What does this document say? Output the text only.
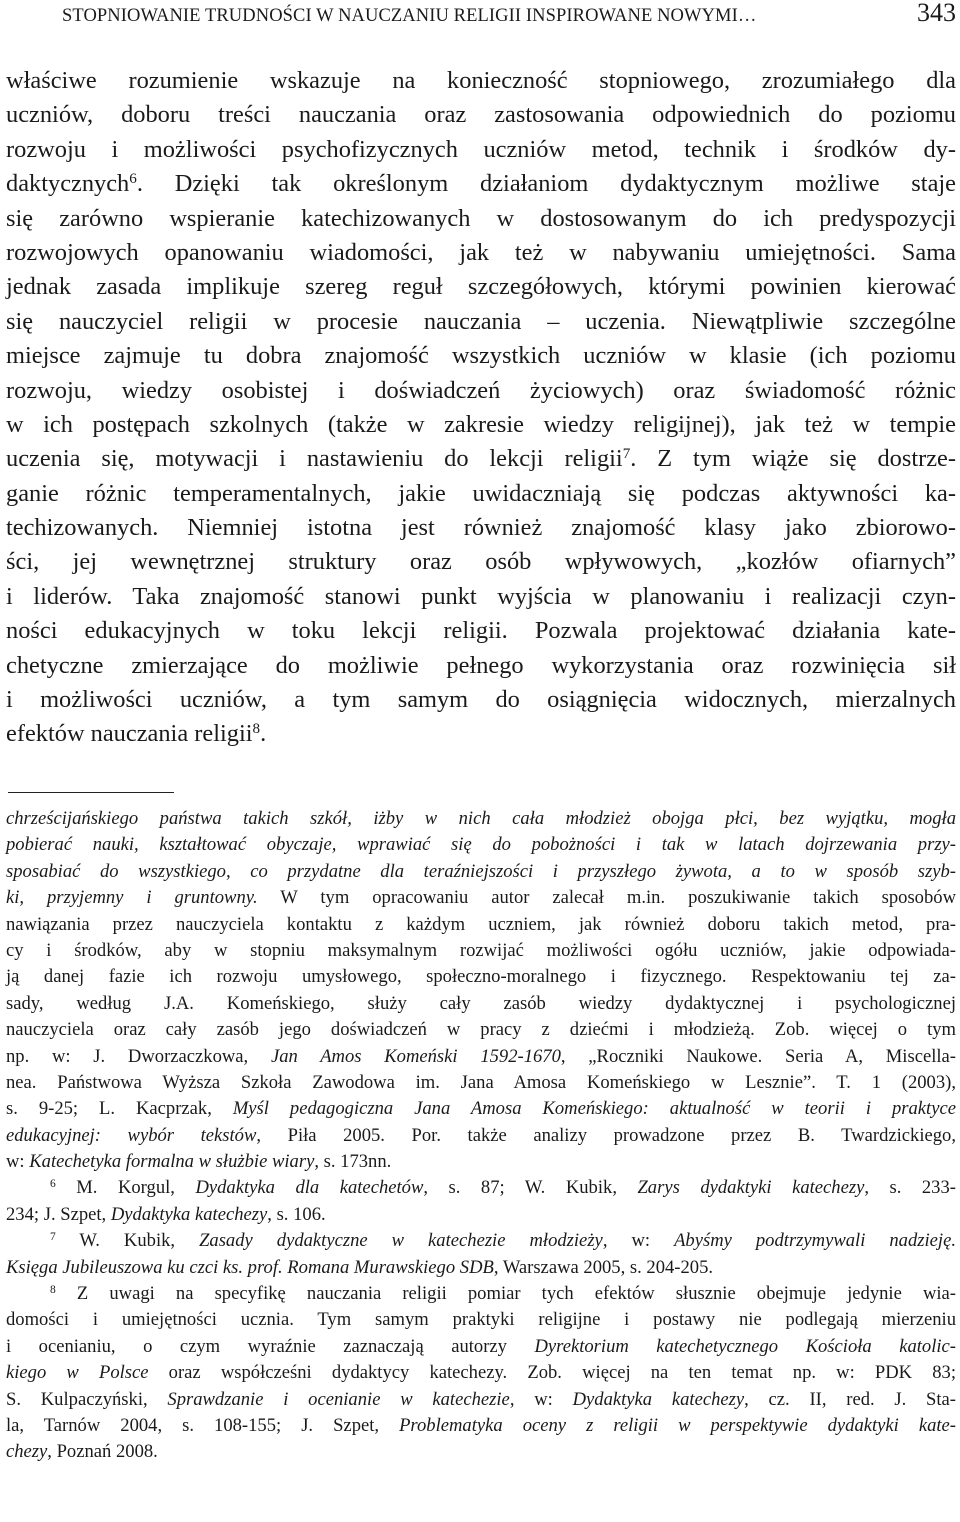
STOPNIOWANIE TRUDNOŚCI W NAUCZANIU RELIGII INSPIROWANE NOWYMI…	343
właściwe rozumienie wskazuje na konieczność stopniowego, zrozumiałego dla
uczniów, doboru treści nauczania oraz zastosowania odpowiednich do poziomu
rozwoju i możliwości psychofizycznych uczniów metod, technik i środków dy-
daktycznych$^6$. Dzięki tak określonym działaniom dydaktycznym możliwe staje
się zarówno wspieranie katechizowanych w dostosowanym do ich predyspozycji
rozwojowych opanowaniu wiadomości, jak też w nabywaniu umiejętności. Sama
jednak zasada implikuje szereg reguł szczegółowych, którymi powinien kierować
się nauczyciel religii w procesie nauczania – uczenia. Niewątpliwie szczególne
miejsce zajmuje tu dobra znajomość wszystkich uczniów w klasie (ich poziomu
rozwoju, wiedzy osobistej i doświadczeń życiowych) oraz świadomość różnic
w ich postępach szkolnych (także w zakresie wiedzy religijnej), jak też w tempie
uczenia się, motywacji i nastawieniu do lekcji religii$^7$. Z tym wiąże się dostrze-
ganie różnic temperamentalnych, jakie uwidaczniają się podczas aktywności ka-
techizowanych. Niemniej istotna jest również znajomość klasy jako zbiorowo-
ści, jej wewnętrznej struktury oraz osób wpływowych, „kozłów ofiarnych”
i liderów. Taka znajomość stanowi punkt wyjścia w planowaniu i realizacji czyn-
ności edukacyjnych w toku lekcji religii. Pozwala projektować działania kate-
chetyczne zmierzające do możliwie pełnego wykorzystania oraz rozwinięcia sił
i możliwości uczniów, a tym samym do osiągnięcia widocznych, mierzalnych
efektów nauczania religii$^8$.
chrześcijańskiego państwa takich szkół, iżby w nich cała młodzież obojga płci, bez wyjątku, mogła
pobierać nauki, kształtować obyczaje, wprawiać się do pobożności i tak w latach dojrzewania przy-
sposabiać do wszystkiego, co przydatne dla teraźniejszości i przyszłego żywota, a to w sposób szyb-
ki, przyjemny i gruntowny. W tym opracowaniu autor zalecał m.in. poszukiwanie takich sposobów
nawiązania przez nauczyciela kontaktu z każdym uczniem, jak również doboru takich metod, pra-
cy i środków, aby w stopniu maksymalnym rozwijać możliwości ogółu uczniów, jakie odpowiada-
ją danej fazie ich rozwoju umysłowego, społeczno-moralnego i fizycznego. Respektowaniu tej za-
sady, według J.A. Komeńskiego, służy cały zasób wiedzy dydaktycznej i psychologicznej
nauczyciela oraz cały zasób jego doświadczeń w pracy z dziećmi i młodzieżą. Zob. więcej o tym
np. w: J. Dworzaczkowa, Jan Amos Komeński 1592-1670, „Roczniki Naukowe. Seria A, Miscella-
nea. Państwowa Wyższa Szkoła Zawodowa im. Jana Amosa Komeńskiego w Lesznie”. T. 1 (2003),
s. 9-25; L. Kacprzak, Myśl pedagogiczna Jana Amosa Komeńskiego: aktualność w teorii i praktyce
edukacyjnej: wybór tekstów, Piła 2005. Por. także analizy prowadzone przez B. Twardzickiego,
w: Katechetyka formalna w służbie wiary, s. 173nn.
$^6$ M. Korgul, Dydaktyka dla katechetów, s. 87; W. Kubik, Zarys dydaktyki katechezy, s. 233-
234; J. Szpet, Dydaktyka katechezy, s. 106.
$^7$ W. Kubik, Zasady dydaktyczne w katechezie młodzieży, w: Abyśmy podtrzymywali nadzieję.
Księga Jubileuszowa ku czci ks. prof. Romana Murawskiego SDB, Warszawa 2005, s. 204-205.
$^8$ Z uwagi na specyfikę nauczania religii pomiar tych efektów słusznie obejmuje jedynie wia-
domości i umiejętności ucznia. Tym samym praktyki religijne i postawy nie podlegają mierzeniu
i ocenianiu, o czym wyraźnie zaznaczają autorzy Dyrektorium katechetycznego Kościoła katolic-
kiego w Polsce oraz współcześni dydaktycy katechezy. Zob. więcej na ten temat np. w: PDK 83;
S. Kulpaczyński, Sprawdzanie i ocenianie w katechezie, w: Dydaktyka katechezy, cz. II, red. J. Sta-
la, Tarnów 2004, s. 108-155; J. Szpet, Problematyka oceny z religii w perspektywie dydaktyki kate-
chezy, Poznań 2008.
